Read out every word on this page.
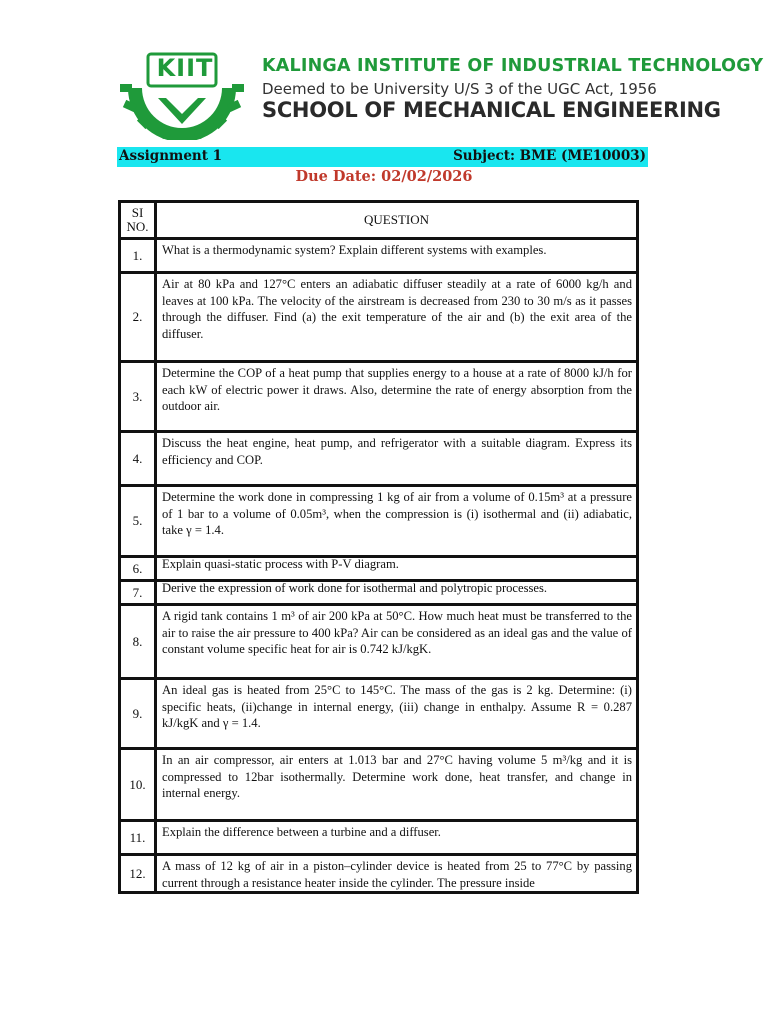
KIIT	KALINGA INSTITUTE OF INDUSTRIAL TECHNOLOGY
Deemed to be University U/S 3 of the UGC Act, 1956
SCHOOL OF MECHANICAL ENGINEERING
Assignment 1	Subject: BME (ME10003)
Due Date: 02/02/2026
SI NO.	QUESTION
1.	What is a thermodynamic system? Explain different systems with examples.
2.	Air at 80 kPa and 127°C enters an adiabatic diffuser steadily at a rate of 6000 kg/h and leaves at 100 kPa. The velocity of the airstream is decreased from 230 to 30 m/s as it passes through the diffuser. Find (a) the exit temperature of the air and (b) the exit area of the diffuser.
3.	Determine the COP of a heat pump that supplies energy to a house at a rate of 8000 kJ/h for each kW of electric power it draws. Also, determine the rate of energy absorption from the outdoor air.
4.	Discuss the heat engine, heat pump, and refrigerator with a suitable diagram. Express its efficiency and COP.
5.	Determine the work done in compressing 1 kg of air from a volume of 0.15m³ at a pressure of 1 bar to a volume of 0.05m³, when the compression is (i) isothermal and (ii) adiabatic, take γ = 1.4.
6.	Explain quasi-static process with P-V diagram.
7.	Derive the expression of work done for isothermal and polytropic processes.
8.	A rigid tank contains 1 m³ of air 200 kPa at 50°C. How much heat must be transferred to the air to raise the air pressure to 400 kPa? Air can be considered as an ideal gas and the value of constant volume specific heat for air is 0.742 kJ/kgK.
9.	An ideal gas is heated from 25°C to 145°C. The mass of the gas is 2 kg. Determine: (i) specific heats, (ii)change in internal energy, (iii) change in enthalpy. Assume R = 0.287 kJ/kgK and γ = 1.4.
10.	In an air compressor, air enters at 1.013 bar and 27°C having volume 5 m³/kg and it is compressed to 12bar isothermally. Determine work done, heat transfer, and change in internal energy.
11.	Explain the difference between a turbine and a diffuser.
12.	A mass of 12 kg of air in a piston–cylinder device is heated from 25 to 77°C by passing current through a resistance heater inside the cylinder. The pressure inside
